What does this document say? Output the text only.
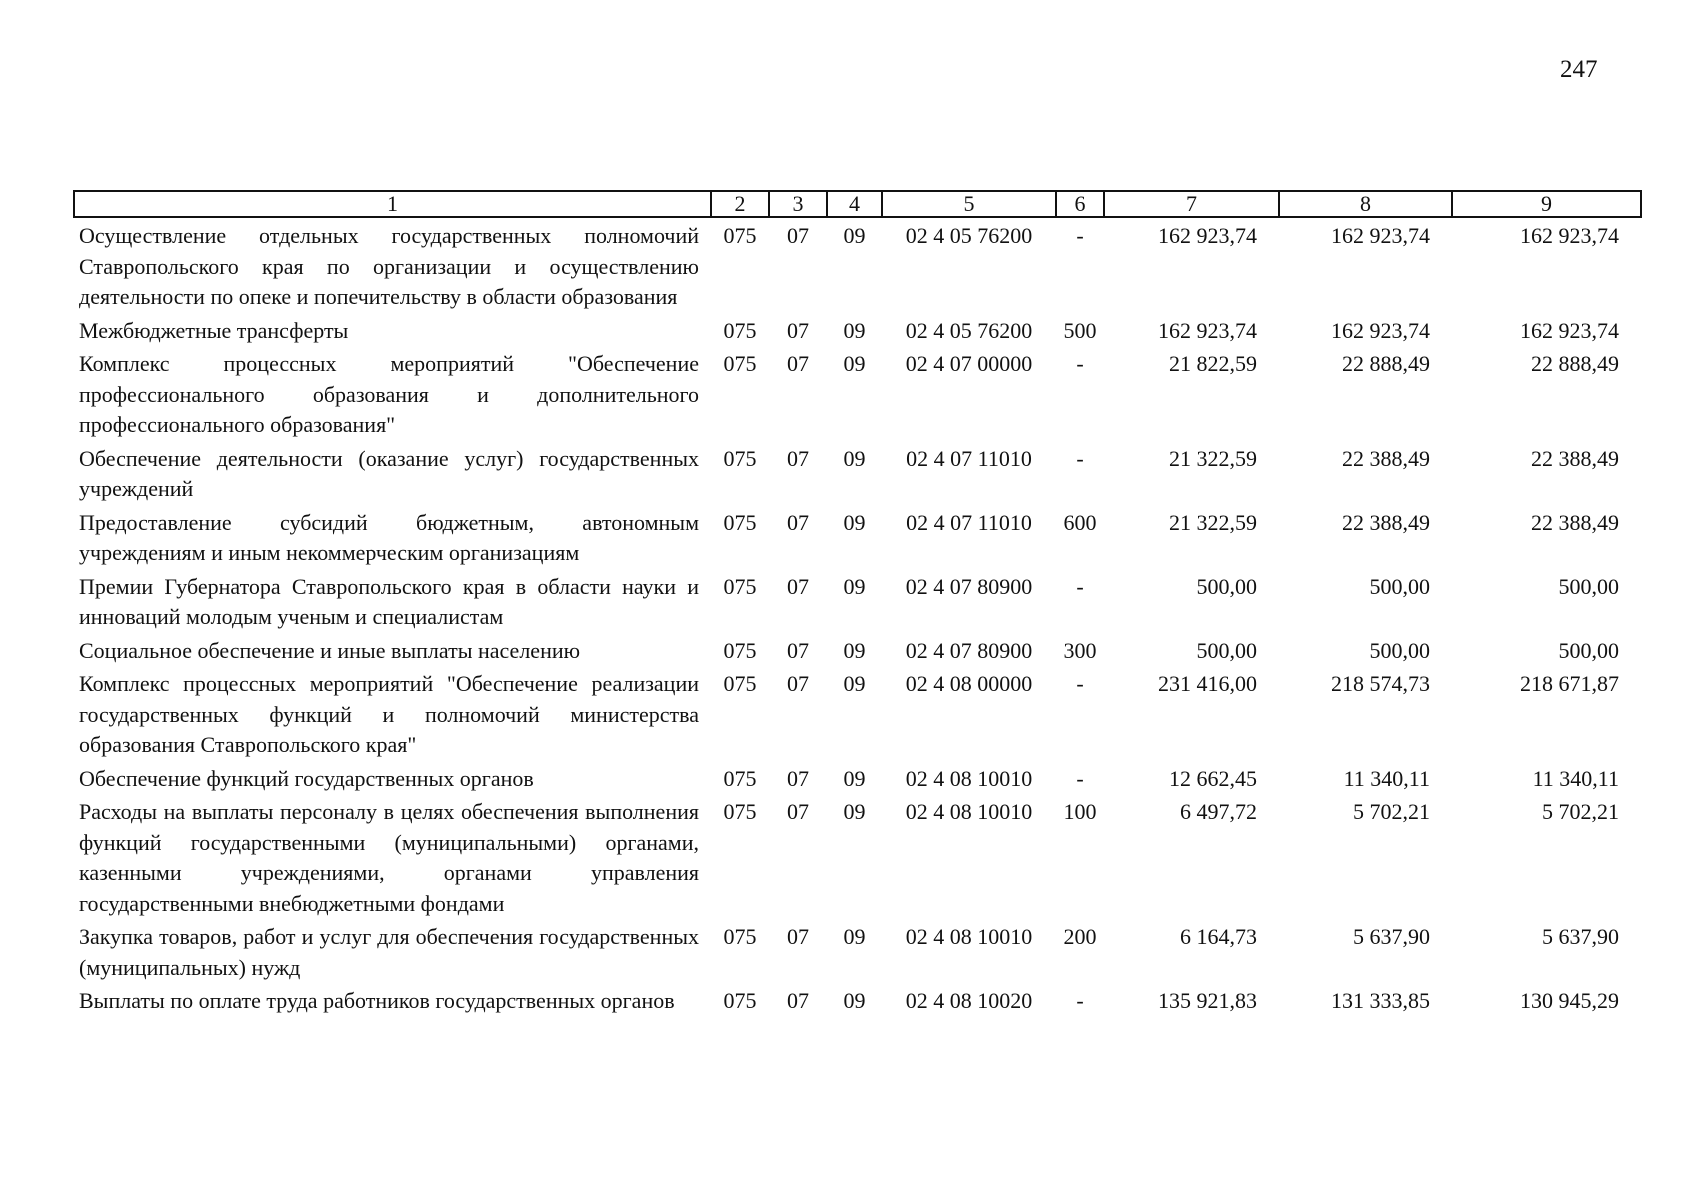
247
1	2	3	4	5	6	7	8	9
Осуществление отдельных государственных полномочий Ставропольского края по организации и осуществлению деятельности по опеке и попечительству в области образования	075	07	09	02 4 05 76200	-	162 923,74	162 923,74	162 923,74
Межбюджетные трансферты	075	07	09	02 4 05 76200	500	162 923,74	162 923,74	162 923,74
Комплекс процессных мероприятий "Обеспечение профессионального образования и дополнительного профессионального образования"	075	07	09	02 4 07 00000	-	21 822,59	22 888,49	22 888,49
Обеспечение деятельности (оказание услуг) государственных учреждений	075	07	09	02 4 07 11010	-	21 322,59	22 388,49	22 388,49
Предоставление субсидий бюджетным, автономным учреждениям и иным некоммерческим организациям	075	07	09	02 4 07 11010	600	21 322,59	22 388,49	22 388,49
Премии Губернатора Ставропольского края в области науки и инноваций молодым ученым и специалистам	075	07	09	02 4 07 80900	-	500,00	500,00	500,00
Социальное обеспечение и иные выплаты населению	075	07	09	02 4 07 80900	300	500,00	500,00	500,00
Комплекс процессных мероприятий "Обеспечение реализации государственных функций и полномочий министерства образования Ставропольского края"	075	07	09	02 4 08 00000	-	231 416,00	218 574,73	218 671,87
Обеспечение функций государственных органов	075	07	09	02 4 08 10010	-	12 662,45	11 340,11	11 340,11
Расходы на выплаты персоналу в целях обеспечения выполнения функций государственными (муниципальными) органами, казенными учреждениями, органами управления государственными внебюджетными фондами	075	07	09	02 4 08 10010	100	6 497,72	5 702,21	5 702,21
Закупка товаров, работ и услуг для обеспечения государственных (муниципальных) нужд	075	07	09	02 4 08 10010	200	6 164,73	5 637,90	5 637,90
Выплаты по оплате труда работников государственных органов	075	07	09	02 4 08 10020	-	135 921,83	131 333,85	130 945,29
